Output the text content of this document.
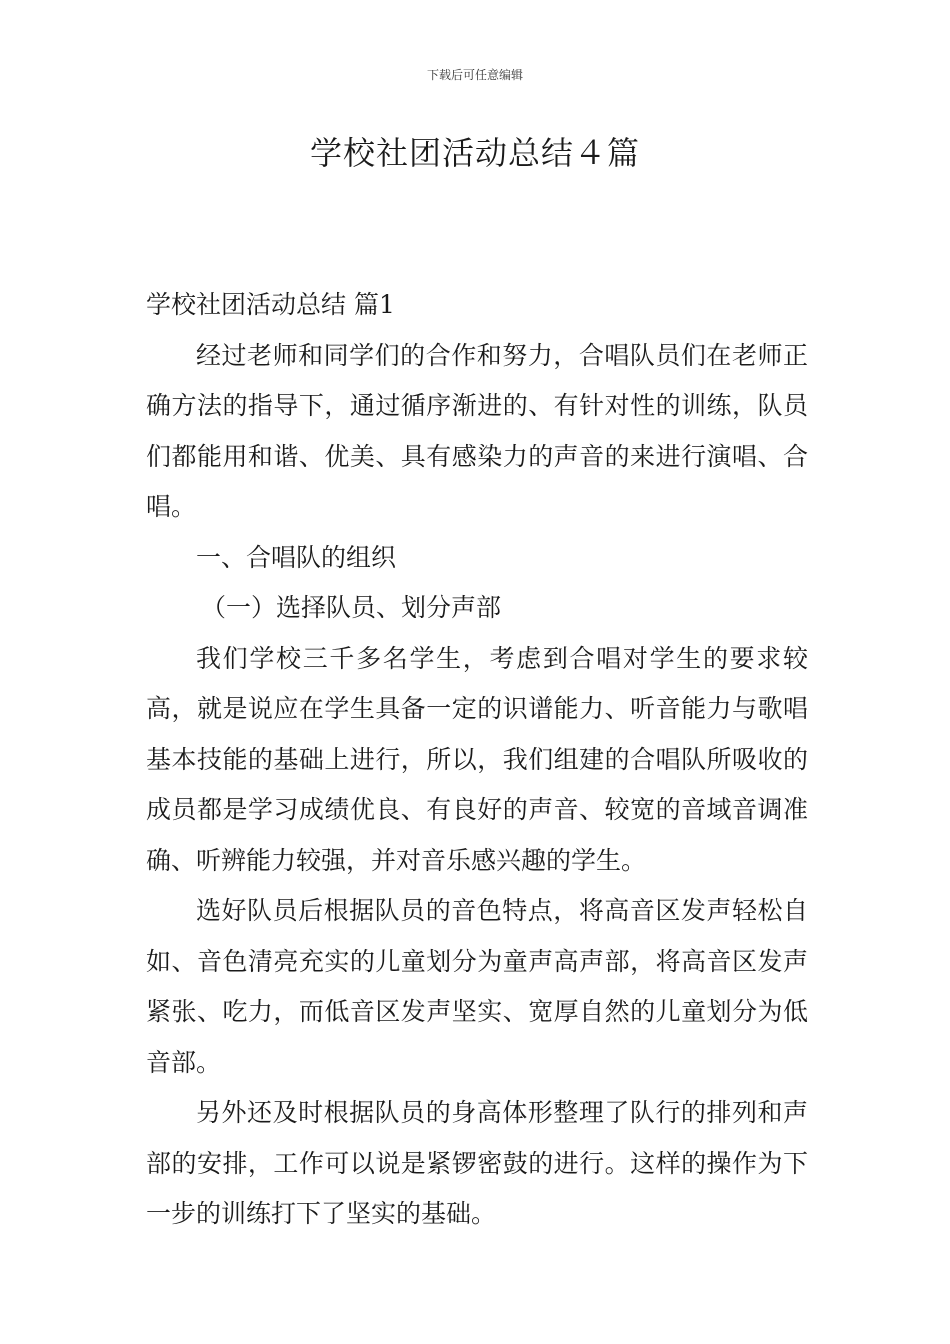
下载后可任意编辑
学校社团活动总结４篇

学校社团活动总结 篇1

经过老师和同学们的合作和努力，合唱队员们在老师正确方法的指导下，通过循序渐进的、有针对性的训练，队员们都能用和谐、优美、具有感染力的声音的来进行演唱、合唱。

一、合唱队的组织

（一）选择队员、划分声部

我们学校三千多名学生，考虑到合唱对学生的要求较高，就是说应在学生具备一定的识谱能力、听音能力与歌唱基本技能的基础上进行，所以，我们组建的合唱队所吸收的成员都是学习成绩优良、有良好的声音、较宽的音域音调准确、听辨能力较强，并对音乐感兴趣的学生。

选好队员后根据队员的音色特点，将高音区发声轻松自如、音色清亮充实的儿童划分为童声高声部，将高音区发声紧张、吃力，而低音区发声坚实、宽厚自然的儿童划分为低音部。

另外还及时根据队员的身高体形整理了队行的排列和声部的安排，工作可以说是紧锣密鼓的进行。这样的操作为下一步的训练打下了坚实的基础。
